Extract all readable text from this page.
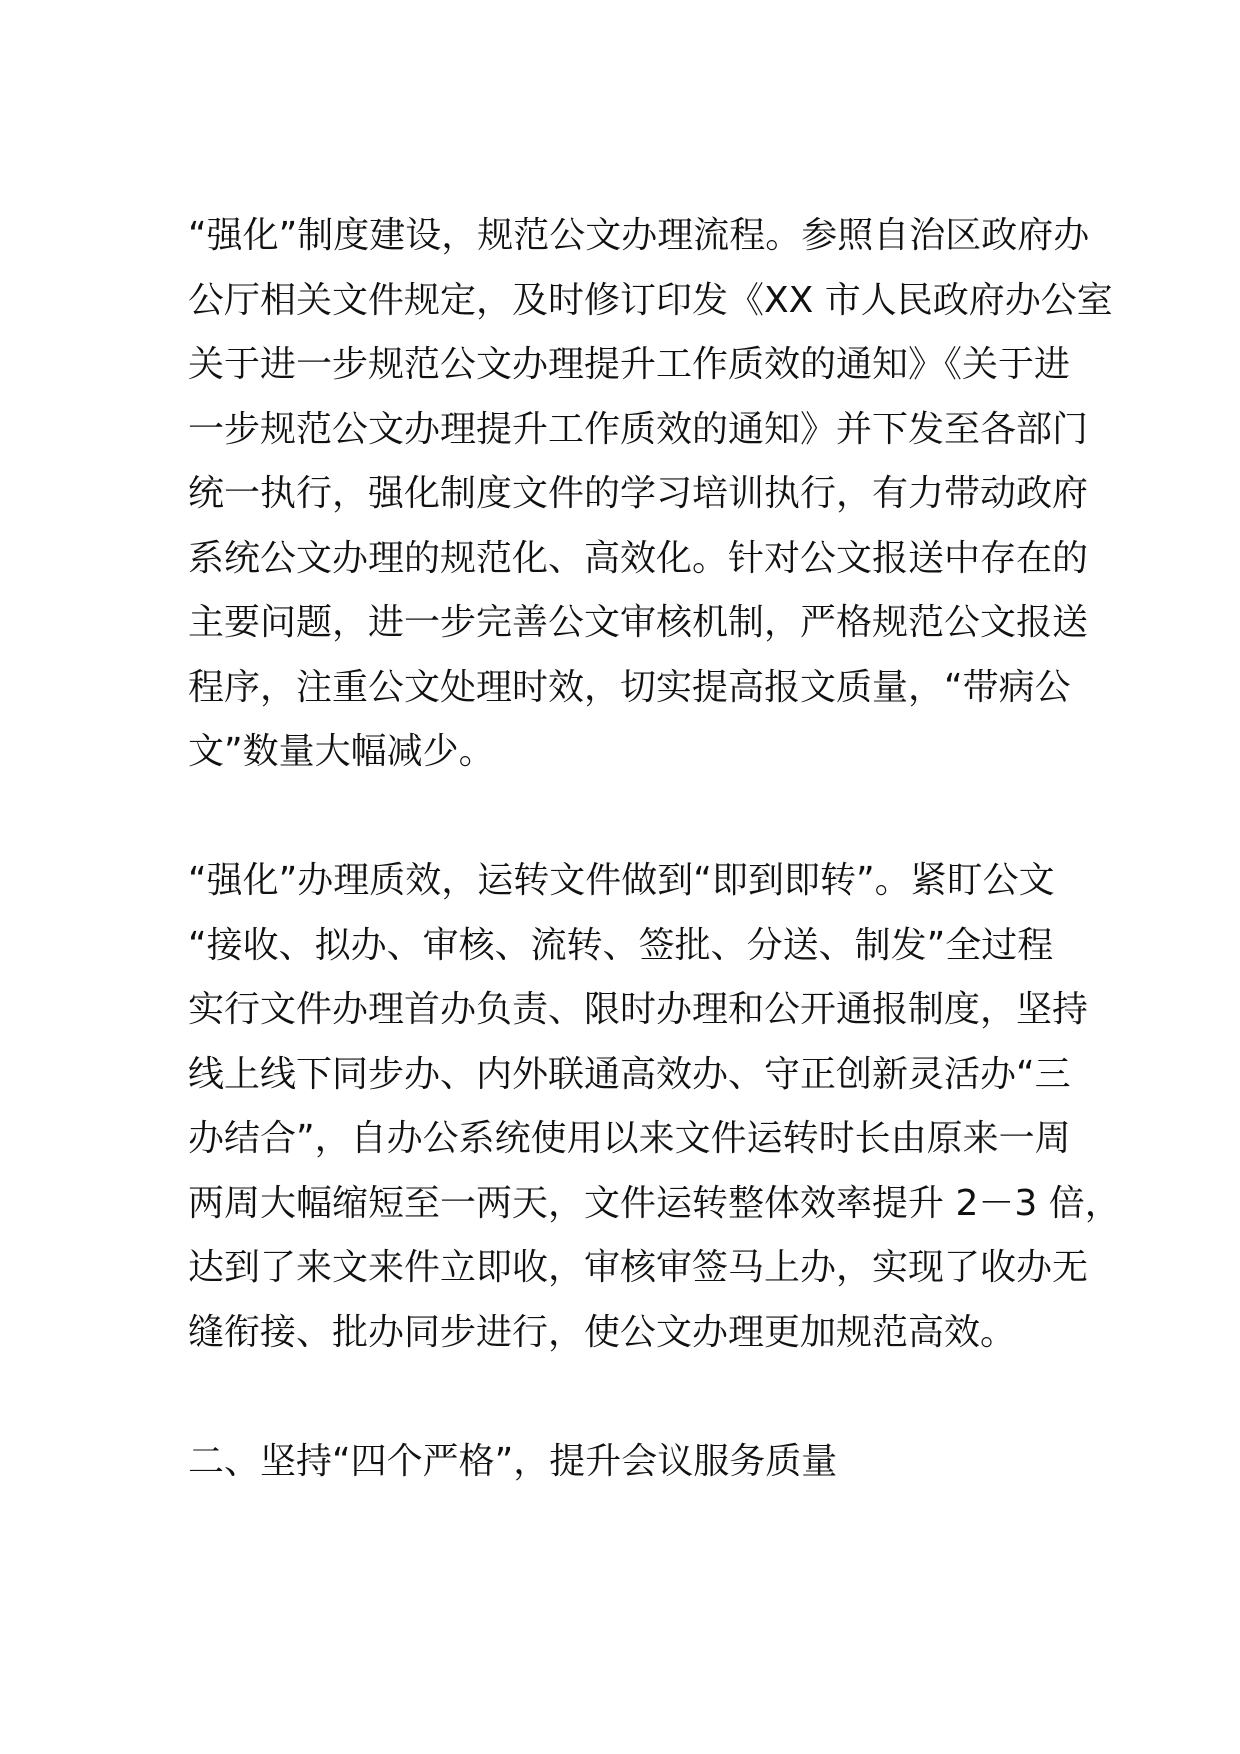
“强化”制度建设，规范公文办理流程。参照自治区政府办
公厅相关文件规定，及时修订印发《XX 市人民政府办公室
关于进一步规范公文办理提升工作质效的通知》《关于进
一步规范公文办理提升工作质效的通知》并下发至各部门
统一执行，强化制度文件的学习培训执行，有力带动政府
系统公文办理的规范化、高效化。针对公文报送中存在的
主要问题，进一步完善公文审核机制，严格规范公文报送
程序，注重公文处理时效，切实提高报文质量，“带病公
文”数量大幅减少。

“强化”办理质效，运转文件做到“即到即转”。紧盯公文
“接收、拟办、审核、流转、签批、分送、制发”全过程
实行文件办理首办负责、限时办理和公开通报制度，坚持
线上线下同步办、内外联通高效办、守正创新灵活办“三
办结合”，自办公系统使用以来文件运转时长由原来一周
两周大幅缩短至一两天，文件运转整体效率提升 2－3 倍，
达到了来文来件立即收，审核审签马上办，实现了收办无
缝衔接、批办同步进行，使公文办理更加规范高效。

二、坚持“四个严格”，提升会议服务质量
